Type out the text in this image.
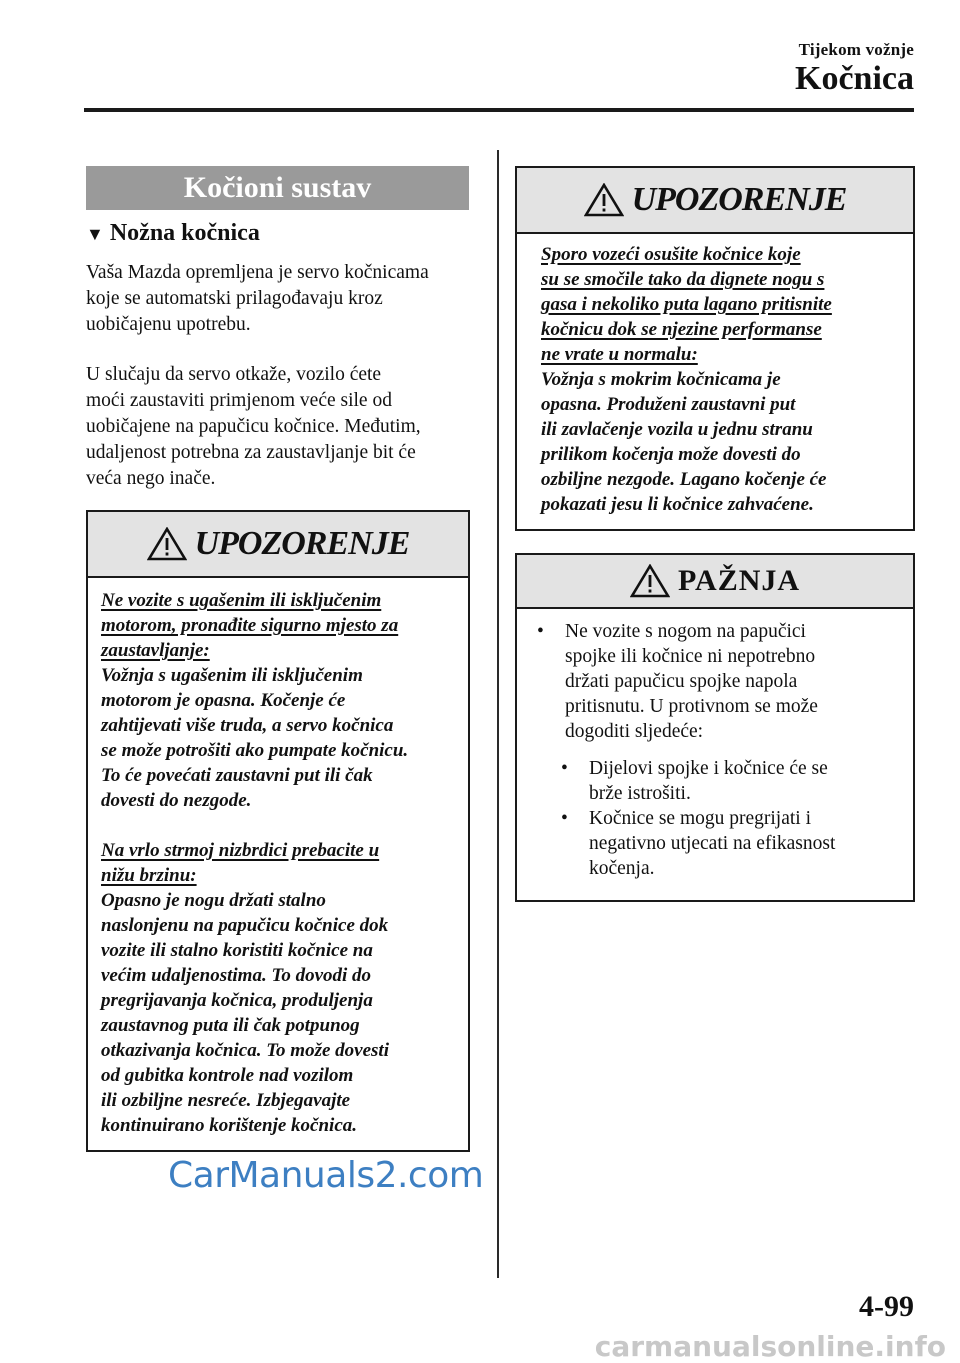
Tijekom vožnje
Kočnica
Kočioni sustav
▼ Nožna kočnica
Vaša Mazda opremljena je servo kočnicama
koje se automatski prilagođavaju kroz
uobičajenu upotrebu.
U slučaju da servo otkaže, vozilo ćete
moći zaustaviti primjenom veće sile od
uobičajene na papučicu kočnice. Međutim,
udaljenost potrebna za zaustavljanje bit će
veća nego inače.
UPOZORENJE
Ne vozite s ugašenim ili isključenim
motorom, pronađite sigurno mjesto za
zaustavljanje:
Vožnja s ugašenim ili isključenim
motorom je opasna. Kočenje će
zahtijevati više truda, a servo kočnica
se može potrošiti ako pumpate kočnicu.
To će povećati zaustavni put ili čak
dovesti do nezgode.
Na vrlo strmoj nizbrdici prebacite u
nižu brzinu:
Opasno je nogu držati stalno
naslonjenu na papučicu kočnice dok
vozite ili stalno koristiti kočnice na
većim udaljenostima. To dovodi do
pregrijavanja kočnica, produljenja
zaustavnog puta ili čak potpunog
otkazivanja kočnica. To može dovesti
od gubitka kontrole nad vozilom
ili ozbiljne nesreće. Izbjegavajte
kontinuirano korištenje kočnica.
UPOZORENJE
Sporo vozeći osušite kočnice koje
su se smočile tako da dignete nogu s
gasa i nekoliko puta lagano pritisnite
kočnicu dok se njezine performanse
ne vrate u normalu:
Vožnja s mokrim kočnicama je
opasna. Produženi zaustavni put
ili zavlačenje vozila u jednu stranu
prilikom kočenja može dovesti do
ozbiljne nezgode. Lagano kočenje će
pokazati jesu li kočnice zahvaćene.
PAŽNJA
•	Ne vozite s nogom na papučici
spojke ili kočnice ni nepotrebno
držati papučicu spojke napola
pritisnutu. U protivnom se može
dogoditi sljedeće:
•	Dijelovi spojke i kočnice će se
brže istrošiti.
•	Kočnice se mogu pregrijati i
negativno utjecati na efikasnost
kočenja.
CarManuals2.com
4-99
carmanualsonline.info
